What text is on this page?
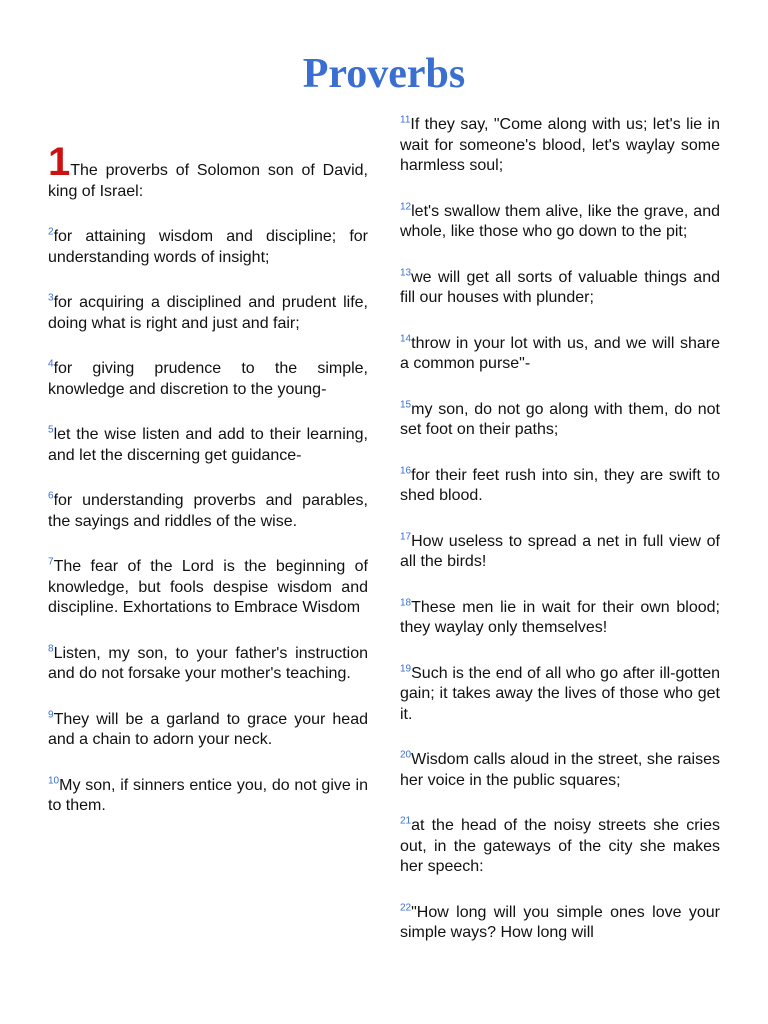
Proverbs

1The proverbs of Solomon son of David, king of Israel:

$^2$for attaining wisdom and discipline; for understanding words of insight;

$^3$for acquiring a disciplined and prudent life, doing what is right and just and fair;

$^4$for giving prudence to the simple, knowledge and discretion to the young-

$^5$let the wise listen and add to their learning, and let the discerning get guidance-

$^6$for understanding proverbs and parables, the sayings and riddles of the wise.

$^7$The fear of the Lord is the beginning of knowledge, but fools despise wisdom and discipline. Exhortations to Embrace Wisdom

$^8$Listen, my son, to your father's instruction and do not forsake your mother's teaching.

$^9$They will be a garland to grace your head and a chain to adorn your neck.

$^{10}$My son, if sinners entice you, do not give in to them.

$^{11}$If they say, "Come along with us; let's lie in wait for someone's blood, let's waylay some harmless soul;

$^{12}$let's swallow them alive, like the grave, and whole, like those who go down to the pit;

$^{13}$we will get all sorts of valuable things and fill our houses with plunder;

$^{14}$throw in your lot with us, and we will share a common purse"-

$^{15}$my son, do not go along with them, do not set foot on their paths;

$^{16}$for their feet rush into sin, they are swift to shed blood.

$^{17}$How useless to spread a net in full view of all the birds!

$^{18}$These men lie in wait for their own blood; they waylay only themselves!

$^{19}$Such is the end of all who go after ill-gotten gain; it takes away the lives of those who get it.

$^{20}$Wisdom calls aloud in the street, she raises her voice in the public squares;

$^{21}$at the head of the noisy streets she cries out, in the gateways of the city she makes her speech:

$^{22}$"How long will you simple ones love your simple ways? How long will
